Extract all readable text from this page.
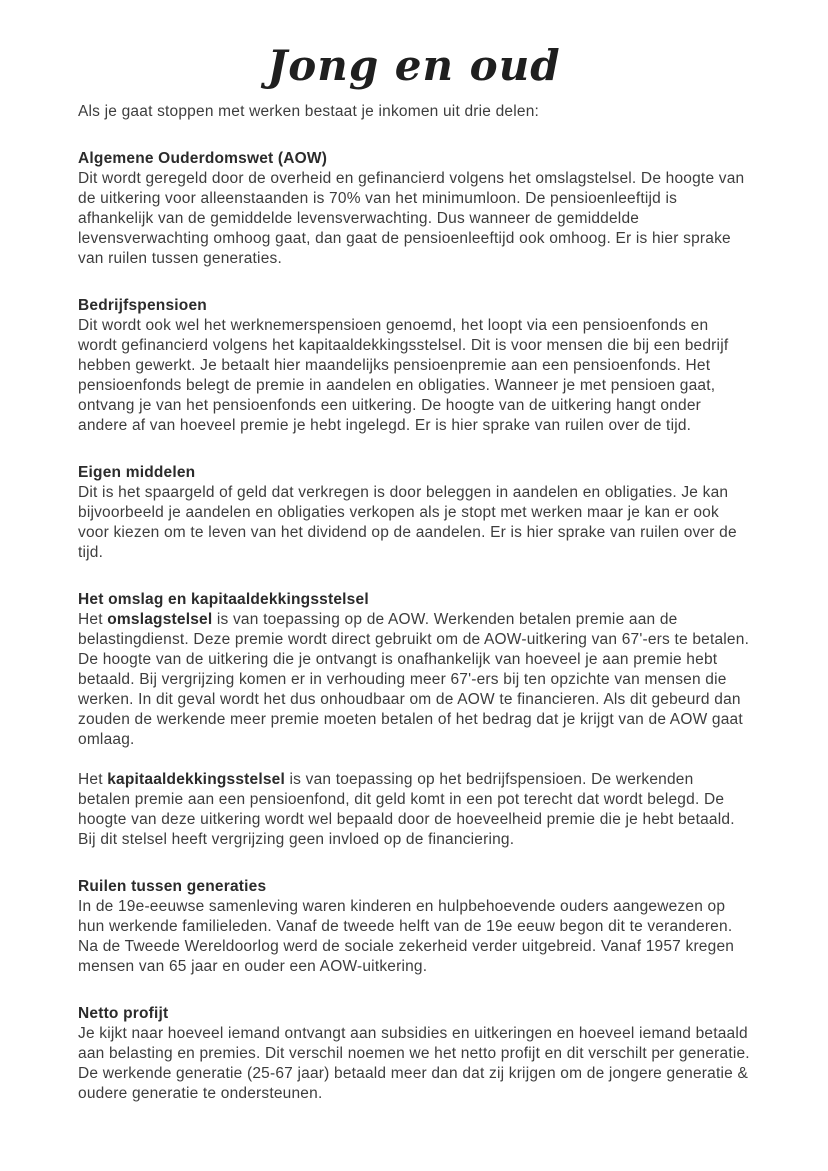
Jong en oud

Als je gaat stoppen met werken bestaat je inkomen uit drie delen:

Algemene Ouderdomswet (AOW)

Dit wordt geregeld door de overheid en gefinancierd volgens het omslagstelsel. De hoogte van de uitkering voor alleenstaanden is 70% van het minimumloon. De pensioenleeftijd is afhankelijk van de gemiddelde levensverwachting. Dus wanneer de gemiddelde levensverwachting omhoog gaat, dan gaat de pensioenleeftijd ook omhoog. Er is hier sprake van ruilen tussen generaties.

Bedrijfspensioen

Dit wordt ook wel het werknemerspensioen genoemd, het loopt via een pensioenfonds en wordt gefinancierd volgens het kapitaaldekkingsstelsel. Dit is voor mensen die bij een bedrijf hebben gewerkt. Je betaalt hier maandelijks pensioenpremie aan een pensioenfonds. Het pensioenfonds belegt de premie in aandelen en obligaties. Wanneer je met pensioen gaat, ontvang je van het pensioenfonds een uitkering. De hoogte van de uitkering hangt onder andere af van hoeveel premie je hebt ingelegd. Er is hier sprake van ruilen over de tijd.

Eigen middelen

Dit is het spaargeld of geld dat verkregen is door beleggen in aandelen en obligaties. Je kan bijvoorbeeld je aandelen en obligaties verkopen als je stopt met werken maar je kan er ook voor kiezen om te leven van het dividend op de aandelen. Er is hier sprake van ruilen over de tijd.

Het omslag en kapitaaldekkingsstelsel

Het omslagstelsel is van toepassing op de AOW. Werkenden betalen premie aan de belastingdienst. Deze premie wordt direct gebruikt om de AOW-uitkering van 67'-ers te betalen. De hoogte van de uitkering die je ontvangt is onafhankelijk van hoeveel je aan premie hebt betaald. Bij vergrijzing komen er in verhouding meer 67'-ers bij ten opzichte van mensen die werken. In dit geval wordt het dus onhoudbaar om de AOW te financieren. Als dit gebeurd dan zouden de werkende meer premie moeten betalen of het bedrag dat je krijgt van de AOW gaat omlaag.

Het kapitaaldekkingsstelsel is van toepassing op het bedrijfspensioen. De werkenden betalen premie aan een pensioenfond, dit geld komt in een pot terecht dat wordt belegd. De hoogte van deze uitkering wordt wel bepaald door de hoeveelheid premie die je hebt betaald. Bij dit stelsel heeft vergrijzing geen invloed op de financiering.

Ruilen tussen generaties

In de 19e-eeuwse samenleving waren kinderen en hulpbehoevende ouders aangewezen op hun werkende familieleden. Vanaf de tweede helft van de 19e eeuw begon dit te veranderen. Na de Tweede Wereldoorlog werd de sociale zekerheid verder uitgebreid. Vanaf 1957 kregen mensen van 65 jaar en ouder een AOW-uitkering.

Netto profijt

Je kijkt naar hoeveel iemand ontvangt aan subsidies en uitkeringen en hoeveel iemand betaald aan belasting en premies. Dit verschil noemen we het netto profijt en dit verschilt per generatie. De werkende generatie (25-67 jaar) betaald meer dan dat zij krijgen om de jongere generatie & oudere generatie te ondersteunen.
